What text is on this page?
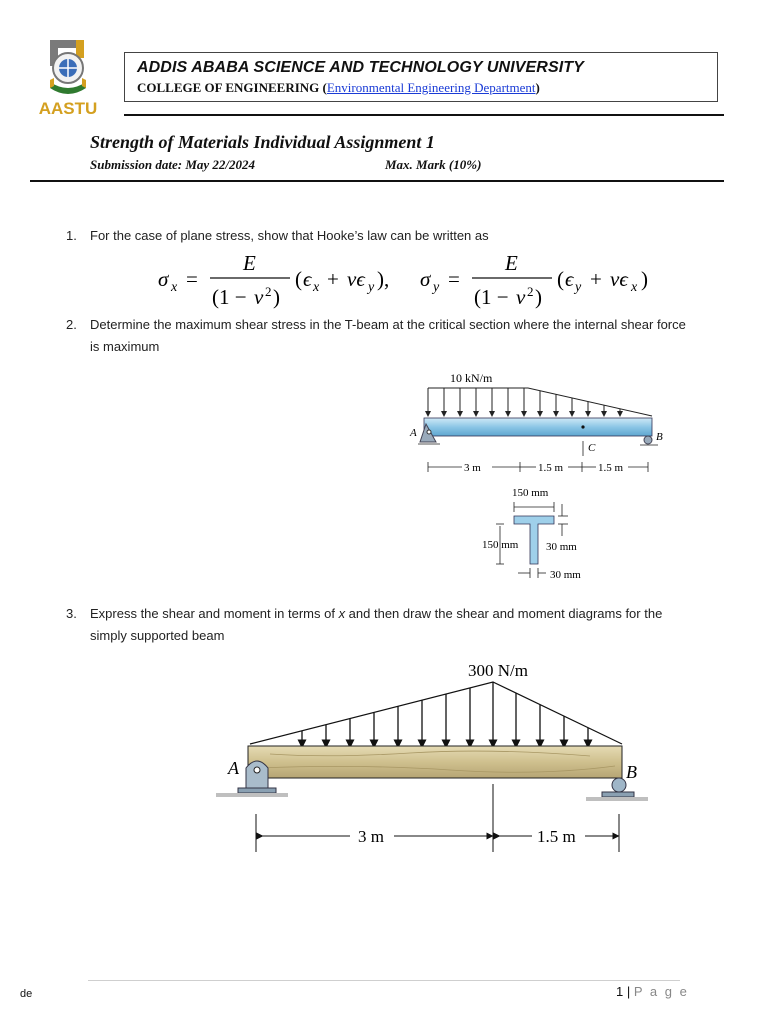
AASTU
ADDIS ABABA SCIENCE AND TECHNOLOGY UNIVERSITY
COLLEGE OF ENGINEERING (Environmental Engineering Department)
Strength of Materials Individual Assignment 1
Submission date: May 22/2024	Max. Mark (10%)
1. For the case of plane stress, show that Hooke’s law can be written as
σ x =
E
(1 − ν 2 )
( ϵ x + νϵ y ), σ y =
E
(1 − ν 2 )
( ϵ y + νϵ x )
2. Determine the maximum shear stress in the T-beam at the critical section where the internal shear force is maximum
10 kN/m
A	B
C
3 m	1.5 m	1.5 m
150 mm
150 mm	30 mm
30 mm
3. Express the shear and moment in terms of x and then draw the shear and moment diagrams for the simply supported beam
300 N/m
A	B
3 m	1.5 m
de	1 | P a g e
